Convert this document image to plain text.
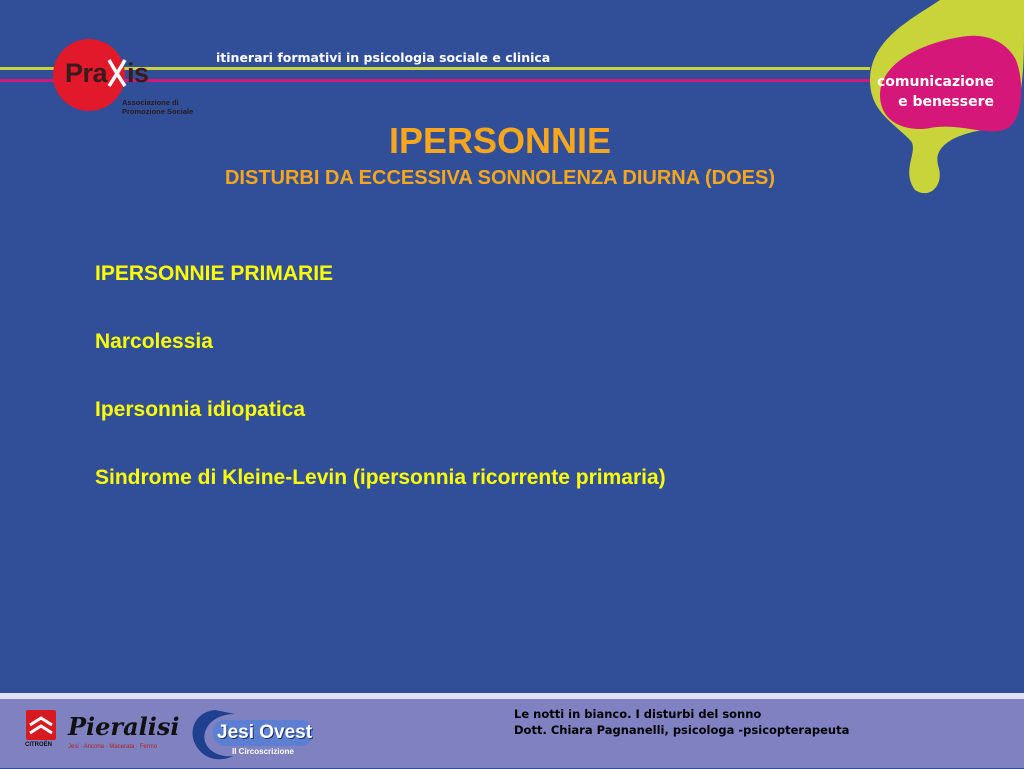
Pra is
Associazione di
Promozione Sociale
itinerari formativi in psicologia sociale e clinica
comunicazione
e benessere
IPERSONNIE
DISTURBI DA ECCESSIVA SONNOLENZA DIURNA (DOES)
IPERSONNIE PRIMARIE
Narcolessia
Ipersonnia idiopatica
Sindrome di Kleine-Levin (ipersonnia ricorrente primaria)
CITROËN
Pieralisi
Jesi · Ancona · Macerata · Fermo
Jesi Ovest
II Circoscrizione
Le notti in bianco. I disturbi del sonno
Dott. Chiara Pagnanelli, psicologa -psicopterapeuta
